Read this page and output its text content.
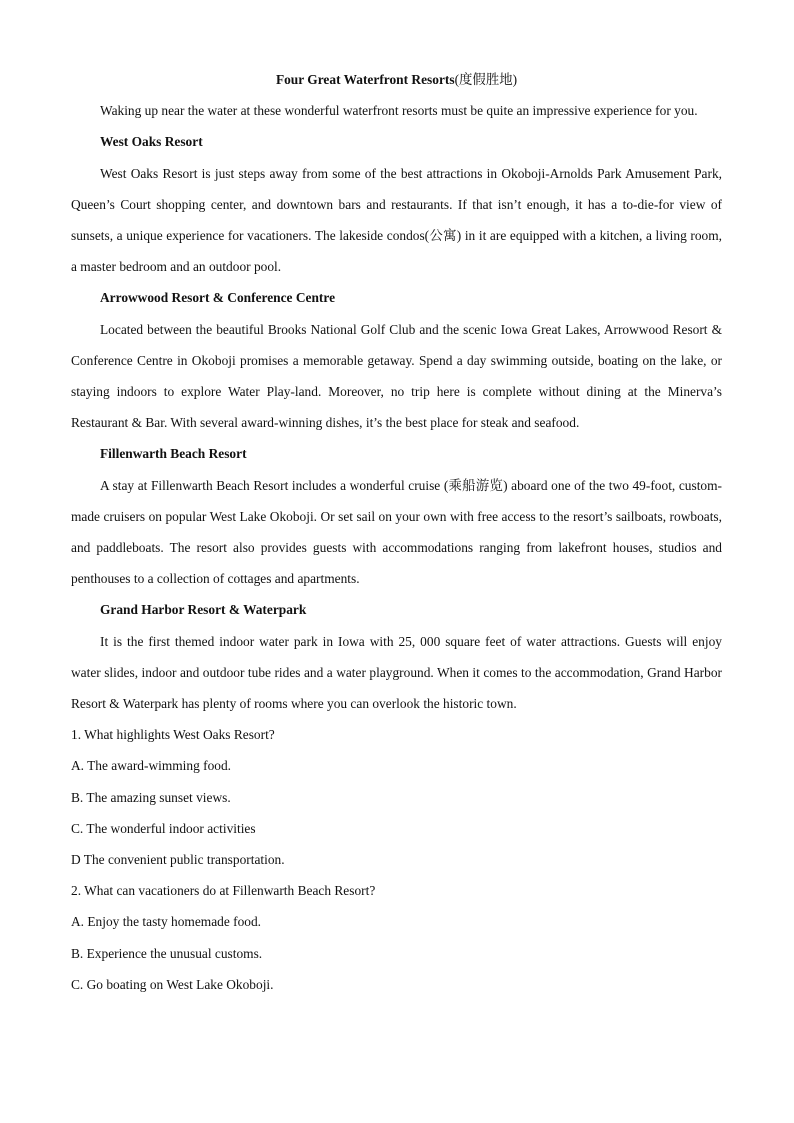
Four Great Waterfront Resorts(度假胜地)

Waking up near the water at these wonderful waterfront resorts must be quite an impressive experience for you.

West Oaks Resort

West Oaks Resort is just steps away from some of the best attractions in Okoboji-Arnolds Park Amusement Park, Queen’s Court shopping center, and downtown bars and restaurants. If that isn’t enough, it has a to-die-for view of sunsets, a unique experience for vacationers. The lakeside condos(公寓) in it are equipped with a kitchen, a living room, a master bedroom and an outdoor pool.

Arrowwood Resort & Conference Centre

Located between the beautiful Brooks National Golf Club and the scenic Iowa Great Lakes, Arrowwood Resort & Conference Centre in Okoboji promises a memorable getaway. Spend a day swimming outside, boating on the lake, or staying indoors to explore Water Play-land. Moreover, no trip here is complete without dining at the Minerva’s Restaurant & Bar. With several award-winning dishes, it’s the best place for steak and seafood.

Fillenwarth Beach Resort

A stay at Fillenwarth Beach Resort includes a wonderful cruise (乘船游览) aboard one of the two 49-foot, custom- made cruisers on popular West Lake Okoboji. Or set sail on your own with free access to the resort’s sailboats, rowboats, and paddleboats. The resort also provides guests with accommodations ranging from lakefront houses, studios and penthouses to a collection of cottages and apartments.

Grand Harbor Resort & Waterpark

It is the first themed indoor water park in Iowa with 25, 000 square feet of water attractions. Guests will enjoy water slides, indoor and outdoor tube rides and a water playground. When it comes to the accommodation, Grand Harbor Resort & Waterpark has plenty of rooms where you can overlook the historic town.

1. What highlights West Oaks Resort?

A. The award-wimming food.

B. The amazing sunset views.

C. The wonderful indoor activities

D The convenient public transportation.

2. What can vacationers do at Fillenwarth Beach Resort?

A. Enjoy the tasty homemade food.

B. Experience the unusual customs.

C. Go boating on West Lake Okoboji.
